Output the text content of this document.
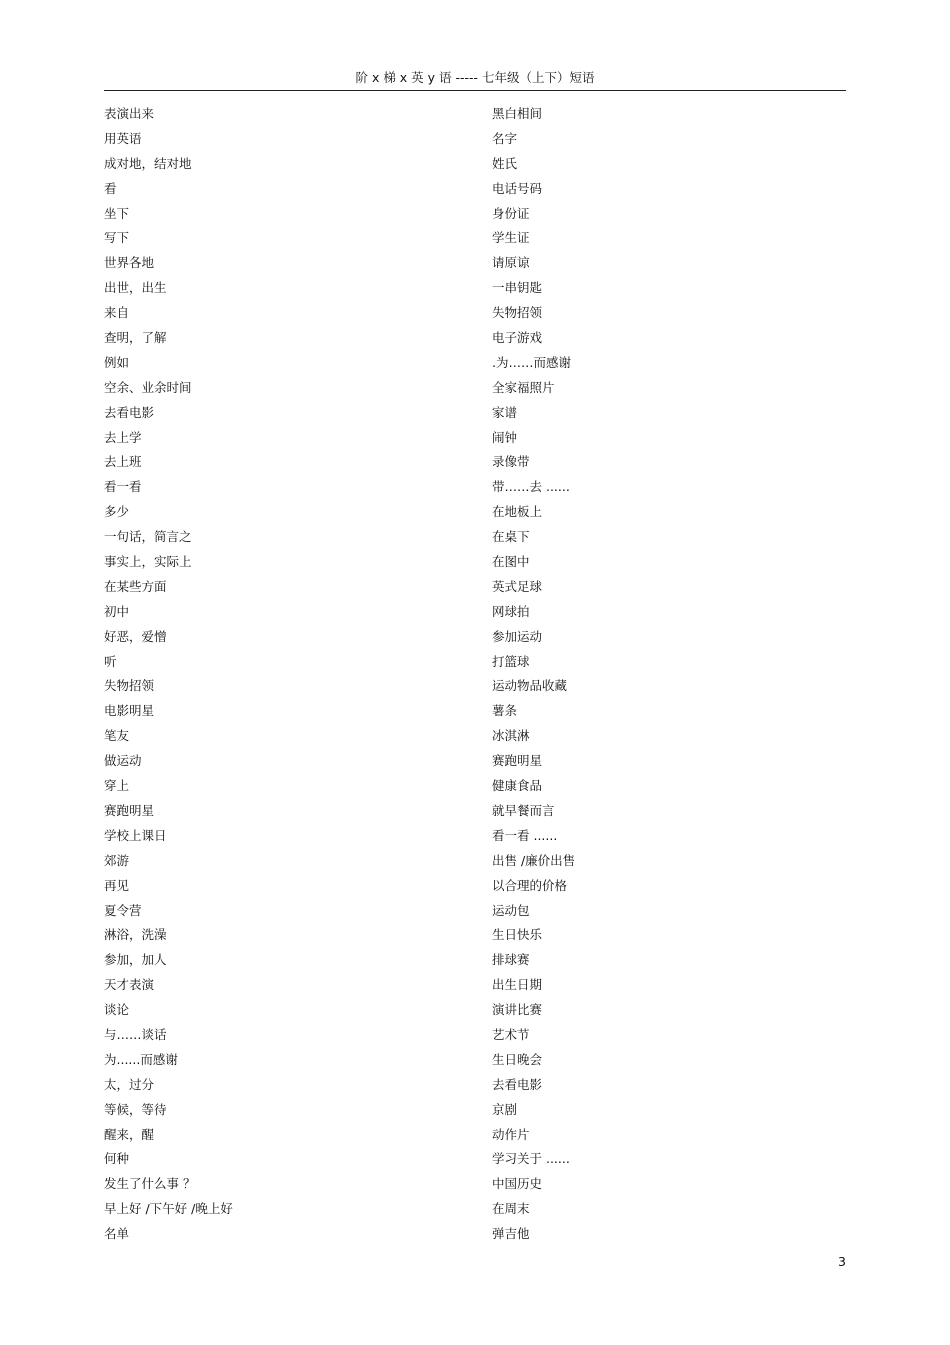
阶 x 梯 x 英 y 语 ----- 七年级（上下）短语
表演出来
用英语
成对地，结对地
看
坐下
写下
世界各地
出世，出生
来自
查明，了解
例如
空余、业余时间
去看电影
去上学
去上班
看一看
多少
一句话，简言之
事实上，实际上
在某些方面
初中
好恶，爱憎
听
失物招领
电影明星
笔友
做运动
穿上
赛跑明星
学校上课日
郊游
再见
夏令营
淋浴，洗澡
参加，加人
天才表演
谈论
与……谈话
为......而感谢
太，过分
等候，等待
醒来，醒
何种
发生了什么事 ？
早上好 /下午好 /晚上好
名单
黑白相间
名字
姓氏
电话号码
身份证
学生证
请原谅
一串钥匙
失物招领
电子游戏
.为……而感谢
全家福照片
家谱
闹钟
录像带
带……去 ......
在地板上
在桌下
在图中
英式足球
网球拍
参加运动
打篮球
运动物品收藏
薯条
冰淇淋
赛跑明星
健康食品
就早餐而言
看一看 ......
出售 /廉价出售
以合理的价格
运动包
生日快乐
排球赛
出生日期
演讲比赛
艺术节
生日晚会
去看电影
京剧
动作片
学习关于 ......
中国历史
在周末
弹吉他
3
